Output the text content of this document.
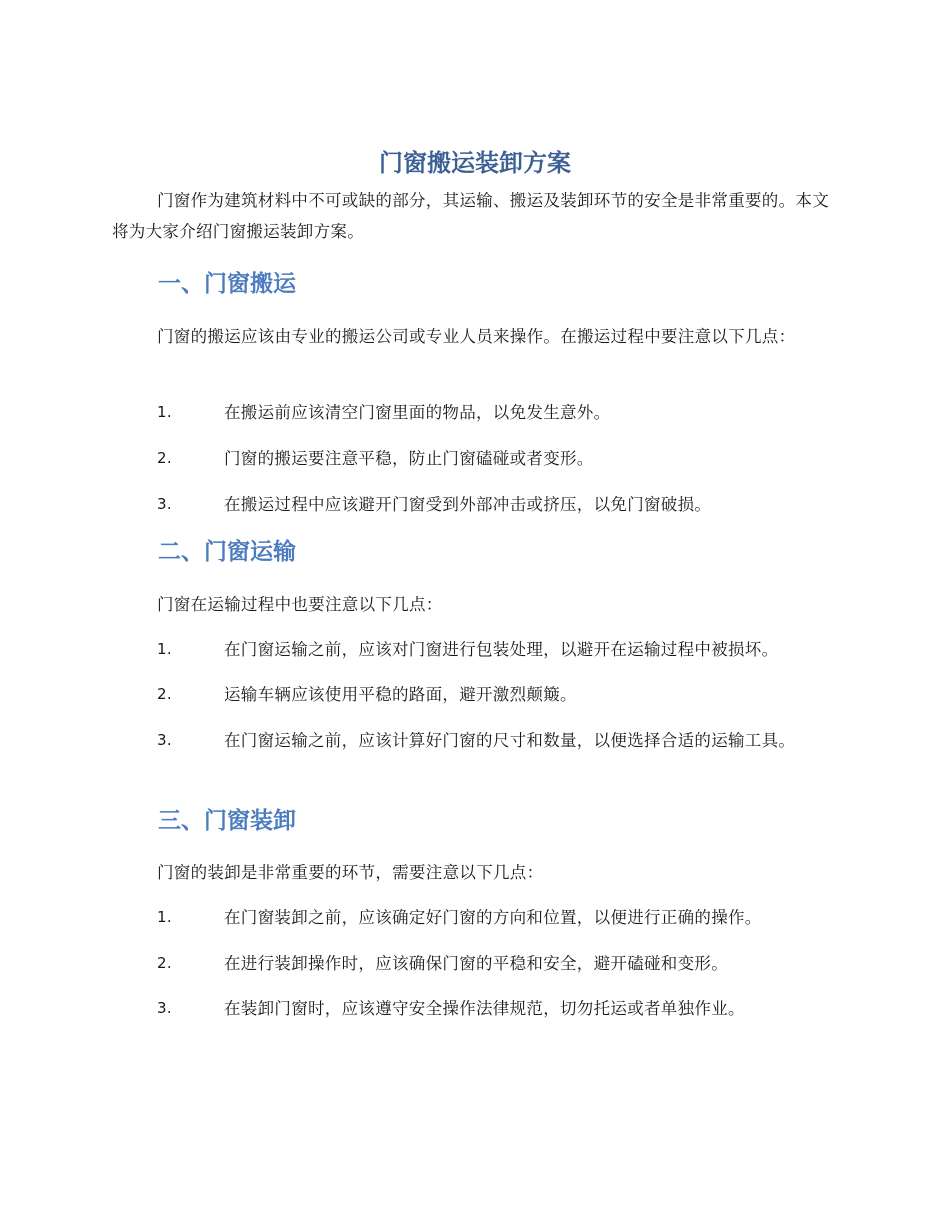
门窗搬运装卸方案

门窗作为建筑材料中不可或缺的部分，其运输、搬运及装卸环节的安全是非常重要的。本文将为大家介绍门窗搬运装卸方案。

一、门窗搬运

门窗的搬运应该由专业的搬运公司或专业人员来操作。在搬运过程中要注意以下几点：

1.	在搬运前应该清空门窗里面的物品，以免发生意外。
2.	门窗的搬运要注意平稳，防止门窗磕碰或者变形。
3.	在搬运过程中应该避开门窗受到外部冲击或挤压，以免门窗破损。
二、门窗运输

门窗在运输过程中也要注意以下几点：

1.	在门窗运输之前，应该对门窗进行包装处理，以避开在运输过程中被损坏。
2.	运输车辆应该使用平稳的路面，避开激烈颠簸。
3.	在门窗运输之前，应该计算好门窗的尺寸和数量，以便选择合适的运输工具。
三、门窗装卸

门窗的装卸是非常重要的环节，需要注意以下几点：

1.	在门窗装卸之前，应该确定好门窗的方向和位置，以便进行正确的操作。
2.	在进行装卸操作时，应该确保门窗的平稳和安全，避开磕碰和变形。
3.	在装卸门窗时，应该遵守安全操作法律规范，切勿托运或者单独作业。
